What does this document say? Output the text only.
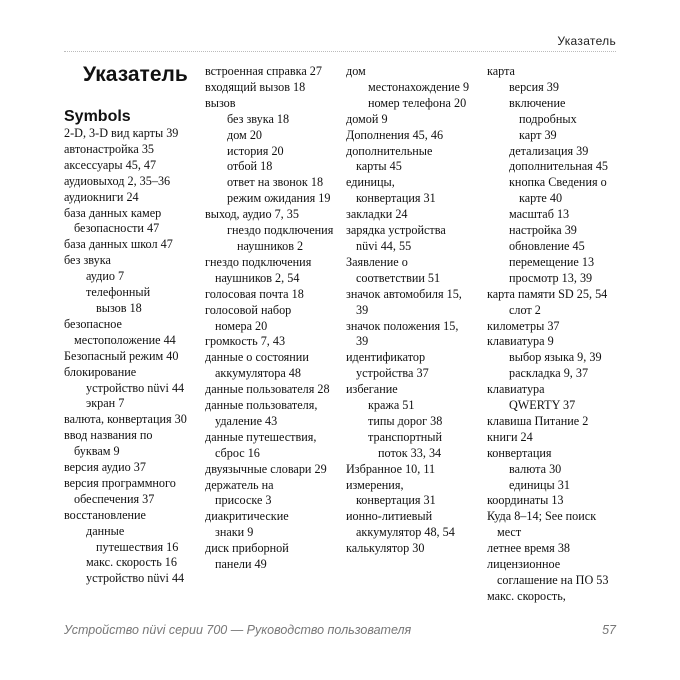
Указатель
Указатель
Symbols
2-D, 3-D вид карты 39
автонастройка 35
аксессуары 45, 47
аудиовыход 2, 35–36
аудиокниги 24
база данных камер
безопасности 47
база данных школ 47
без звука
аудио 7
телефонный
вызов 18
безопасное
местоположение 44
Безопасный режим 40
блокирование
устройство nüvi 44
экран 7
валюта, конвертация 30
ввод названия по
буквам 9
версия аудио 37
версия программного
обеспечения 37
восстановление
данные
путешествия 16
макс. скорость 16
устройство nüvi 44
встроенная справка 27
входящий вызов 18
вызов
без звука 18
дом 20
история 20
отбой 18
ответ на звонок 18
режим ожидания 19
выход, аудио 7, 35
гнездо подключения
наушников 2
гнездо подключения
наушников 2, 54
голосовая почта 18
голосовой набор
номера 20
громкость 7, 43
данные о состоянии
аккумулятора 48
данные пользователя 28
данные пользователя,
удаление 43
данные путешествия,
сброс 16
двуязычные словари 29
держатель на
присоске 3
диакритические
знаки 9
диск приборной
панели 49
дом
местонахождение 9
номер телефона 20
домой 9
Дополнения 45, 46
дополнительные
карты 45
единицы,
конвертация 31
закладки 24
зарядка устройства
nüvi 44, 55
Заявление о
соответствии 51
значок автомобиля 15,
39
значок положения 15,
39
идентификатор
устройства 37
избегание
кража 51
типы дорог 38
транспортный
поток 33, 34
Избранное 10, 11
измерения,
конвертация 31
ионно-литиевый
аккумулятор 48, 54
калькулятор 30
карта
версия 39
включение
подробных
карт 39
детализация 39
дополнительная 45
кнопка Сведения о
карте 40
масштаб 13
настройка 39
обновление 45
перемещение 13
просмотр 13, 39
карта памяти SD 25, 54
слот 2
километры 37
клавиатура 9
выбор языка 9, 39
раскладка 9, 37
клавиатура
QWERTY 37
клавиша Питание 2
книги 24
конвертация
валюта 30
единицы 31
координаты 13
Куда 8–14; See поиск
мест
летнее время 38
лицензионное
соглашение на ПО 53
макс. скорость,
Устройство nüvi серии 700 — Руководство пользователя	57
